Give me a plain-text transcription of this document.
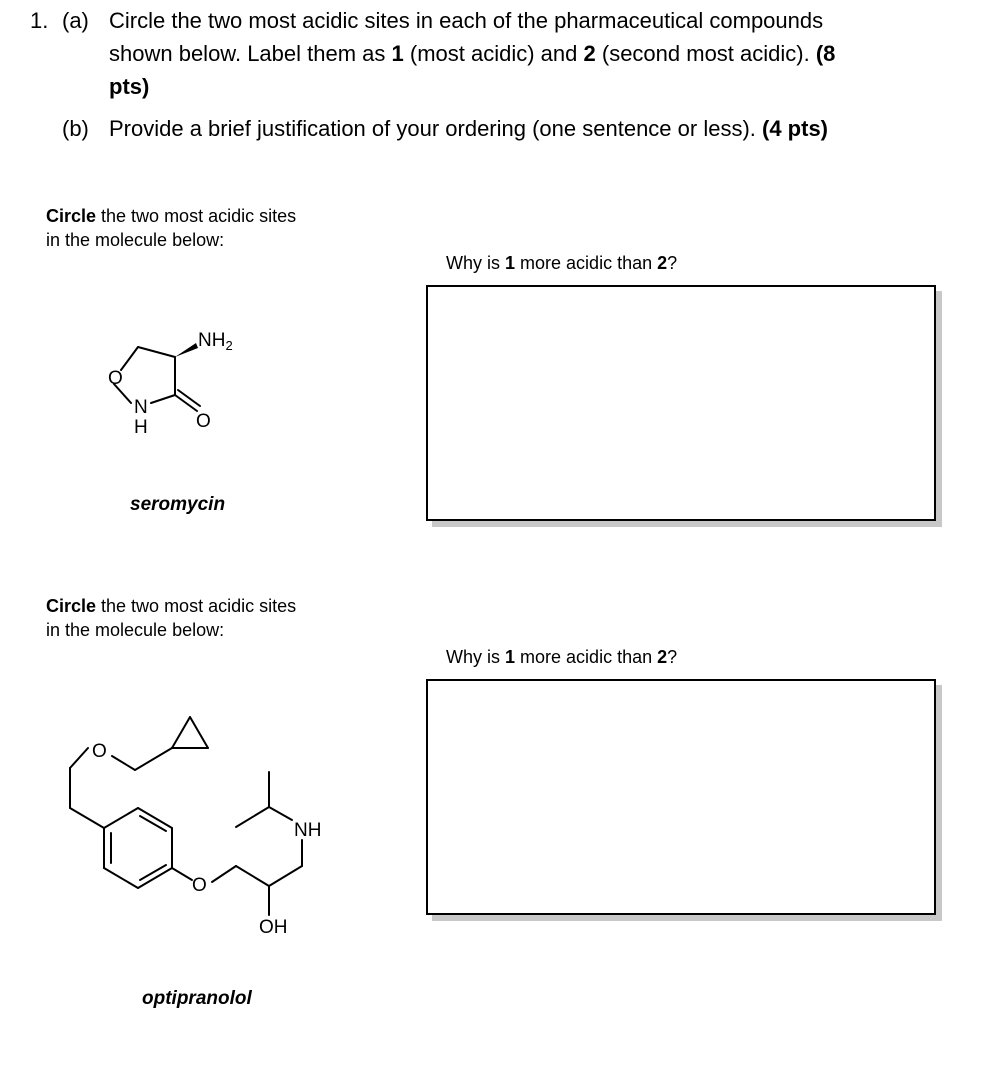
1. (a) Circle the two most acidic sites in each of the pharmaceutical compounds
shown below. Label them as 1 (most acidic) and 2 (second most acidic). (8
pts)
(b) Provide a brief justification of your ordering (one sentence or less). (4 pts)
Circle the two most acidic sites
in the molecule below:
Why is 1 more acidic than 2?
$NH_2$
O
N
H	O
seromycin
Circle the two most acidic sites
in the molecule below:
Why is 1 more acidic than 2?
O
O
NH
OH
optipranolol
